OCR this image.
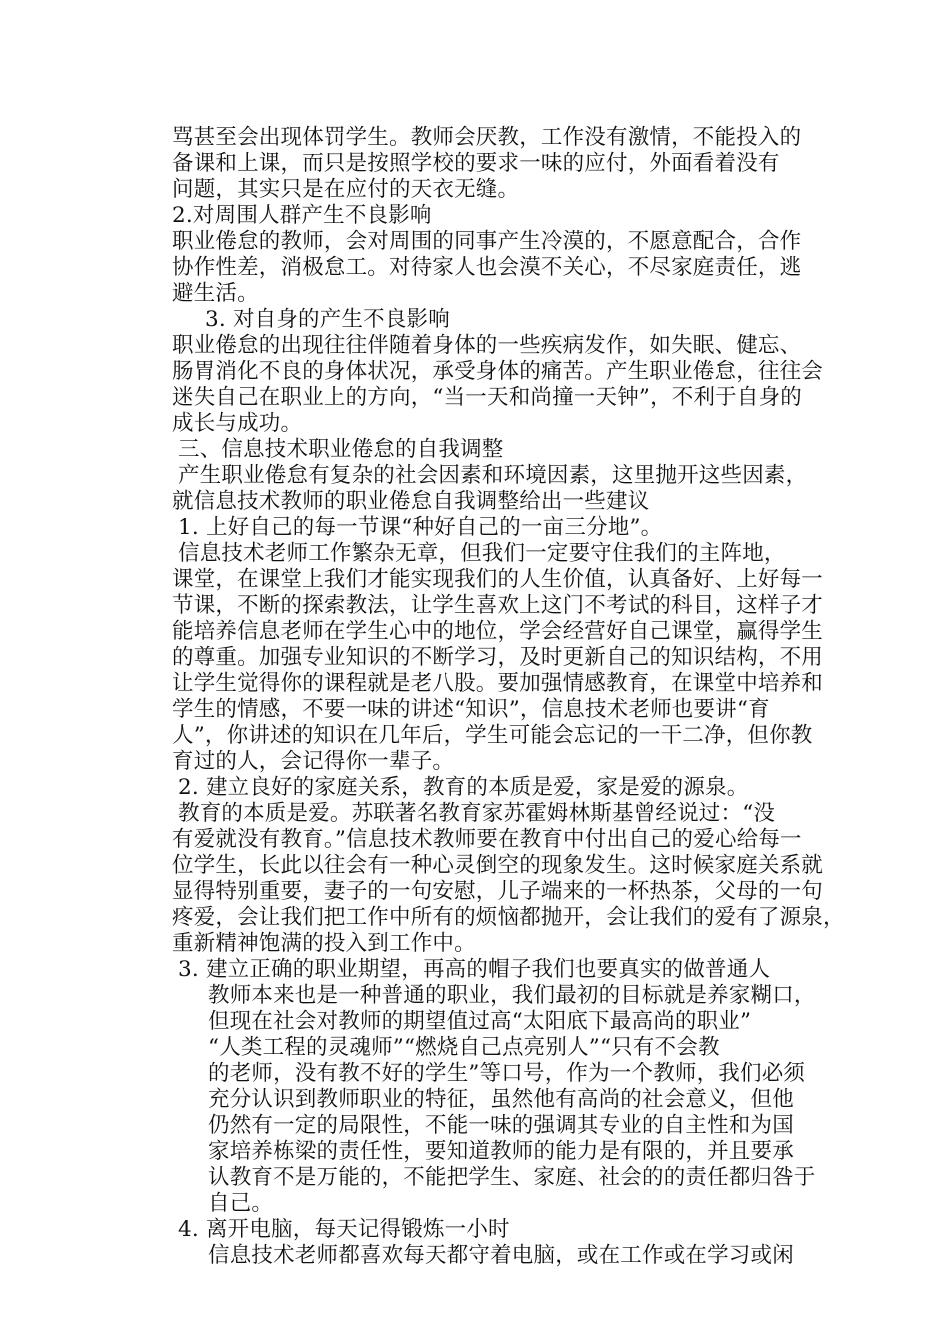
骂甚至会出现体罚学生。教师会厌教，工作没有激情，不能投入的
备课和上课，而只是按照学校的要求一味的应付，外面看着没有
问题，其实只是在应付的天衣无缝。
2.对周围人群产生不良影响
职业倦怠的教师，会对周围的同事产生冷漠的，不愿意配合，合作
协作性差，消极怠工。对待家人也会漠不关心，不尽家庭责任，逃
避生活。
3. 对自身的产生不良影响
职业倦怠的出现往往伴随着身体的一些疾病发作，如失眠、健忘、
肠胃消化不良的身体状况，承受身体的痛苦。产生职业倦怠，往往会
迷失自己在职业上的方向，“当一天和尚撞一天钟”，不利于自身的
成长与成功。
三、信息技术职业倦怠的自我调整
产生职业倦怠有复杂的社会因素和环境因素，这里抛开这些因素，
就信息技术教师的职业倦怠自我调整给出一些建议
1. 上好自己的每一节课“种好自己的一亩三分地”。
信息技术老师工作繁杂无章，但我们一定要守住我们的主阵地，
课堂，在课堂上我们才能实现我们的人生价值，认真备好、上好每一
节课，不断的探索教法，让学生喜欢上这门不考试的科目，这样子才
能培养信息老师在学生心中的地位，学会经营好自己课堂，赢得学生
的尊重。加强专业知识的不断学习，及时更新自己的知识结构，不用
让学生觉得你的课程就是老八股。要加强情感教育，在课堂中培养和
学生的情感，不要一味的讲述“知识”，信息技术老师也要讲“育
人”，你讲述的知识在几年后，学生可能会忘记的一干二净，但你教
育过的人，会记得你一辈子。
2. 建立良好的家庭关系，教育的本质是爱，家是爱的源泉。
教育的本质是爱。苏联著名教育家苏霍姆林斯基曾经说过：“没
有爱就没有教育。”信息技术教师要在教育中付出自己的爱心给每一
位学生，长此以往会有一种心灵倒空的现象发生。这时候家庭关系就
显得特别重要，妻子的一句安慰，儿子端来的一杯热茶，父母的一句
疼爱，会让我们把工作中所有的烦恼都抛开，会让我们的爱有了源泉，
重新精神饱满的投入到工作中。
3. 建立正确的职业期望，再高的帽子我们也要真实的做普通人
教师本来也是一种普通的职业，我们最初的目标就是养家糊口，
但现在社会对教师的期望值过高“太阳底下最高尚的职业”
“人类工程的灵魂师”“燃烧自己点亮别人”“只有不会教
的老师，没有教不好的学生”等口号，作为一个教师，我们必须
充分认识到教师职业的特征，虽然他有高尚的社会意义，但他
仍然有一定的局限性，不能一味的强调其专业的自主性和为国
家培养栋梁的责任性，要知道教师的能力是有限的，并且要承
认教育不是万能的，不能把学生、家庭、社会的的责任都归咎于
自己。
4. 离开电脑，每天记得锻炼一小时
信息技术老师都喜欢每天都守着电脑，或在工作或在学习或闲
